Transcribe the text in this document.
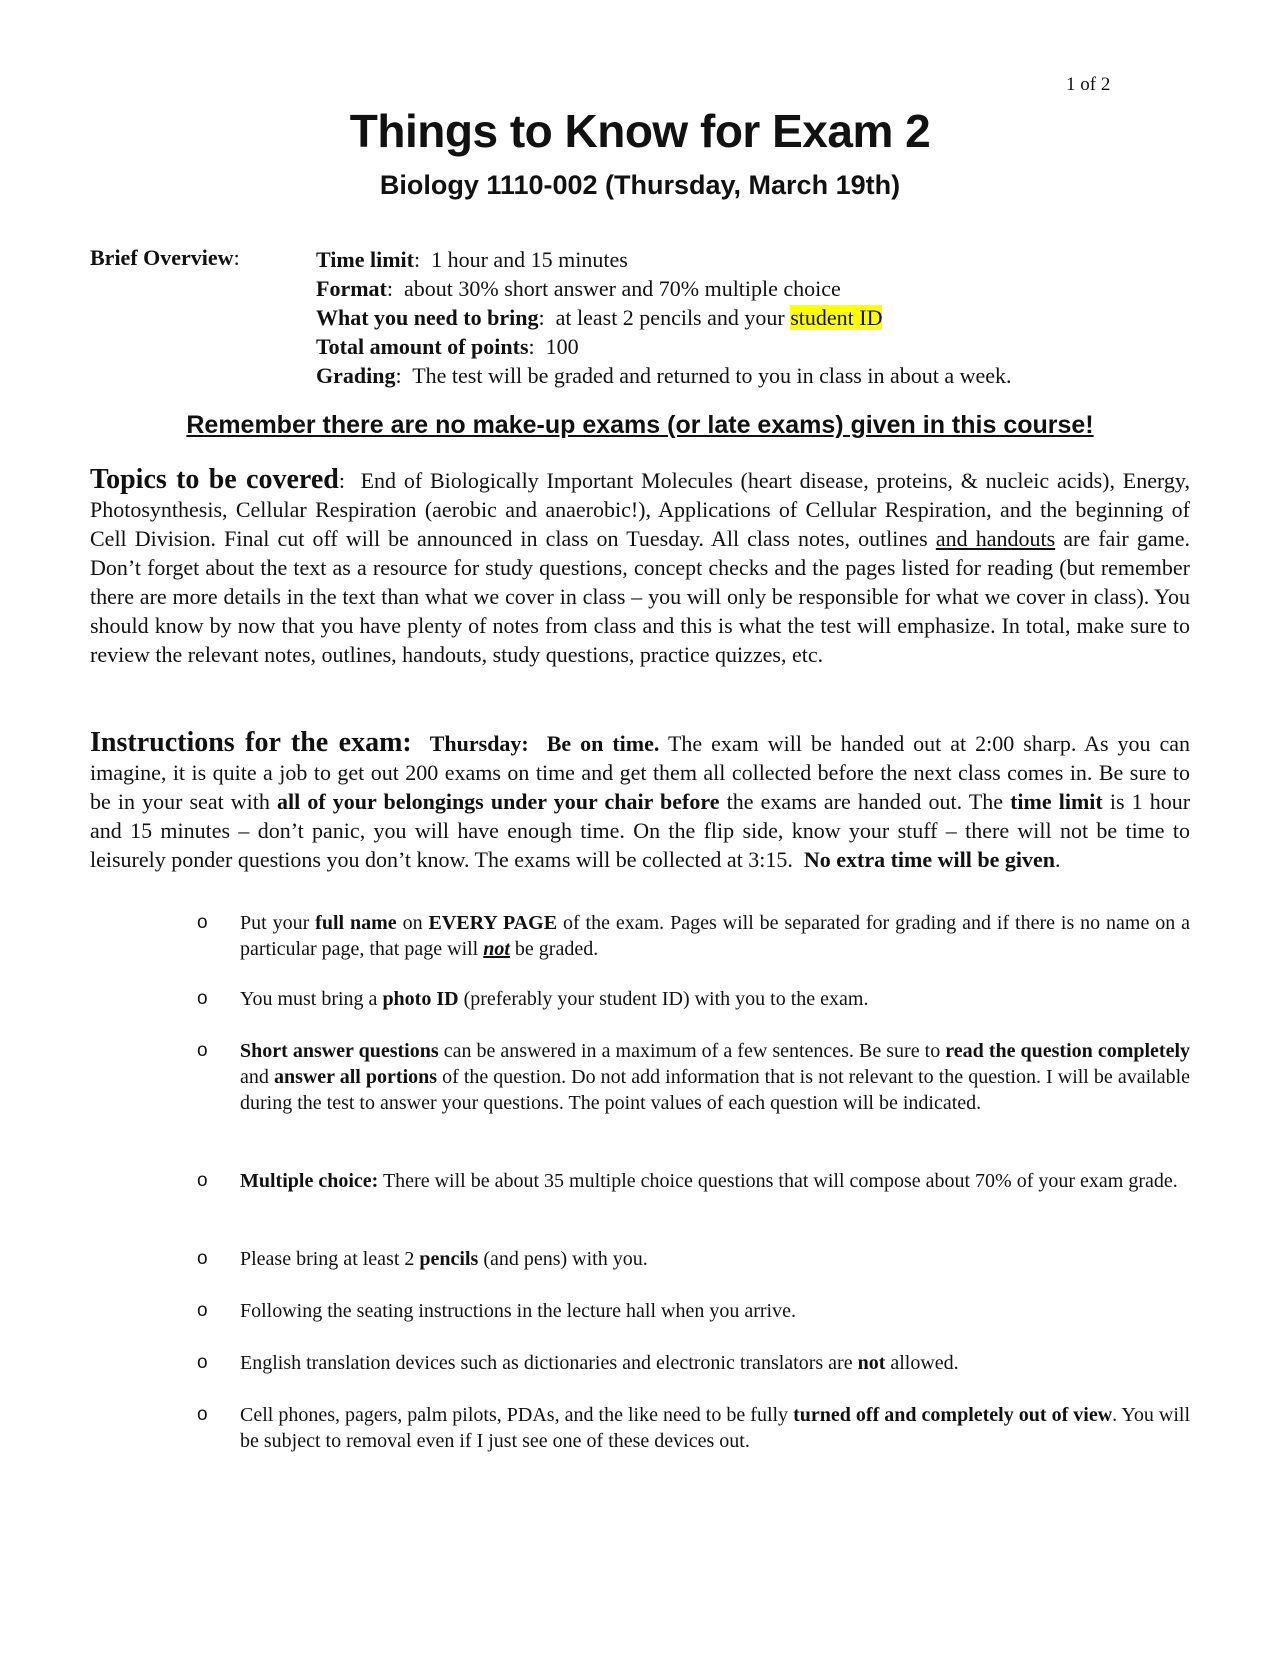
1 of 2
Things to Know for Exam 2
Biology 1110-002 (Thursday, March 19th)
Brief Overview:	Time limit:  1 hour and 15 minutes
Format:  about 30% short answer and 70% multiple choice
What you need to bring:  at least 2 pencils and your student ID
Total amount of points:  100
Grading:  The test will be graded and returned to you in class in about a week.
Remember there are no make-up exams (or late exams) given in this course!
Topics to be covered:  End of Biologically Important Molecules (heart disease, proteins, & nucleic acids), Energy, Photosynthesis, Cellular Respiration (aerobic and anaerobic!), Applications of Cellular Respiration, and the beginning of Cell Division. Final cut off will be announced in class on Tuesday. All class notes, outlines and handouts are fair game. Don’t forget about the text as a resource for study questions, concept checks and the pages listed for reading (but remember there are more details in the text than what we cover in class – you will only be responsible for what we cover in class). You should know by now that you have plenty of notes from class and this is what the test will emphasize. In total, make sure to review the relevant notes, outlines, handouts, study questions, practice quizzes, etc.
Instructions for the exam: Thursday: Be on time. The exam will be handed out at 2:00 sharp. As you can imagine, it is quite a job to get out 200 exams on time and get them all collected before the next class comes in. Be sure to be in your seat with all of your belongings under your chair before the exams are handed out. The time limit is 1 hour and 15 minutes – don’t panic, you will have enough time. On the flip side, know your stuff – there will not be time to leisurely ponder questions you don’t know. The exams will be collected at 3:15. No extra time will be given.
o Put your full name on EVERY PAGE of the exam. Pages will be separated for grading and if there is no name on a particular page, that page will not be graded.
o You must bring a photo ID (preferably your student ID) with you to the exam.
o Short answer questions can be answered in a maximum of a few sentences. Be sure to read the question completely and answer all portions of the question. Do not add information that is not relevant to the question. I will be available during the test to answer your questions. The point values of each question will be indicated.
o Multiple choice: There will be about 35 multiple choice questions that will compose about 70% of your exam grade.
o Please bring at least 2 pencils (and pens) with you.
o Following the seating instructions in the lecture hall when you arrive.
o English translation devices such as dictionaries and electronic translators are not allowed.
o Cell phones, pagers, palm pilots, PDAs, and the like need to be fully turned off and completely out of view. You will be subject to removal even if I just see one of these devices out.
